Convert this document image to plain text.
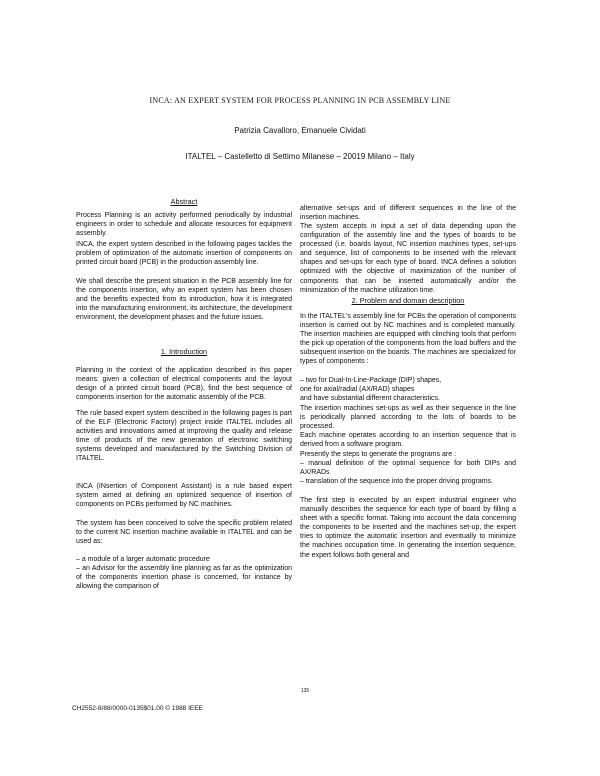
INCA: AN EXPERT SYSTEM FOR PROCESS PLANNING IN PCB ASSEMBLY LINE
Patrizia Cavalloro, Emanuele Cividati
ITALTEL – Castelletto di Settimo Milanese – 20019 Milano – Italy
Abstract
Process Planning is an activity performed periodically by industrial engineers in order to schedule and allocate resources for equipment assembly.
INCA, the expert system described in the following pages tackles the problem of optimization of the automatic insertion of components on printed circuit board (PCB) in the production assembly line.
We shall describe the present situation in the PCB assembly line for the components insertion, why an expert system has been chosen and the benefits expected from its introduction, how it is integrated into the manufacturing environment, its architecture, the development environment, the development phases and the future issues.
1. Introduction
Planning in the context of the application described in this paper means: given a collection of electrical components and the layout design of a printed circuit board (PCB), find the best sequence of components insertion for the automatic assembly of the PCB.
The rule based expert system described in the following pages is part of the ELF (Electronic Factory) project inside ITALTEL includes all activities and innovations aimed at improving the quality and release time of products of the new generation of electronic switching systems developed and manufactured by the Switching Division of ITALTEL.
INCA (INsertion of Component Assistant) is a rule based expert system aimed at defining an optimized sequence of insertion of components on PCBs performed by NC machines.
The system has been conceived to solve the specific problem related to the current NC insertion machine available in ITALTEL and can be used as:
– a module of a larger automatic procedure
– an Advisor for the assembly line planning as far as the optimization of the components insertion phase is concerned, for instance by allowing the comparison of
alternative set-ups and of different sequences in the line of the insertion machines.
The system accepts in input a set of data depending upon the configuration of the assembly line and the types of boards to be processed (i.e. boards layout, NC insertion machines types, set-ups and sequence, list of components to be inserted with the relevant shapes and set-ups for each type of board. INCA defines a solution optimized with the objective of maximization of the number of components that can be inserted automatically and/or the minimization of the machine utilization time.
2. Problem and domain description
In the ITALTEL's assembly line for PCBs the operation of components insertion is carried out by NC machines and is completed manually. The insertion machines are equipped with clinching tools that perform the pick up operation of the components from the load buffers and the subsequent insertion on the boards. The machines are specialized for types of components :
– two for Dual-In-Line-Package (DIP) shapes,
one for axial/radial (AX/RAD) shapes
and have substantial different characteristics.
The insertion machines set-ups as well as their sequence in the line is periodically planned according to the lots of boards to be processed.
Each machine operates according to an insertion sequence that is derived from a software program.
Presently the steps to generate the programs are :
– manual definition of the optimal sequence for both DIPs and AX/RADs
– translation of the sequence into the proper driving programs.
The first step is executed by an expert industrial engineer who manually describes the sequence for each type of board by filling a sheet with a specific format. Taking into account the data concerning the components to be inserted and the machines set-up, the expert tries to optimize the automatic insertion and eventually to minimize the machines occupation time. In generating the insertion sequence, the expert follows both general and
135
CH2552-8/88/0000-0135$01.00 © 1988 IEEE
